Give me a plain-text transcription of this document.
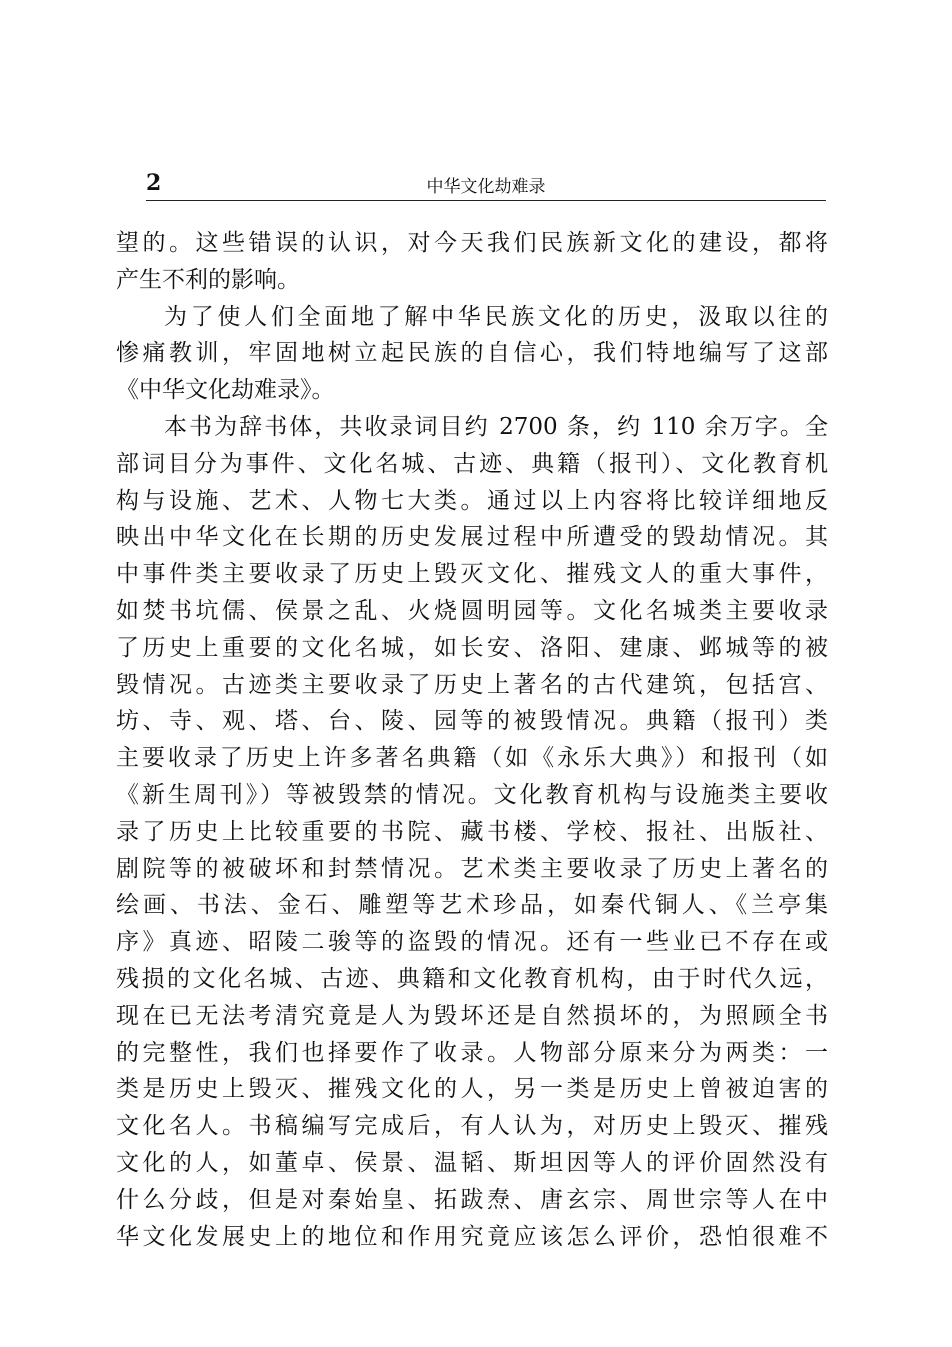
2	中华文化劫难录
望的。这些错误的认识，对今天我们民族新文化的建设，都将
产生不利的影响。
为了使人们全面地了解中华民族文化的历史，汲取以往的
惨痛教训，牢固地树立起民族的自信心，我们特地编写了这部
《中华文化劫难录》。
本书为辞书体，共收录词目约 2700 条，约 110 余万字。全
部词目分为事件、文化名城、古迹、典籍（报刊）、文化教育机
构与设施、艺术、人物七大类。通过以上内容将比较详细地反
映出中华文化在长期的历史发展过程中所遭受的毁劫情况。其
中事件类主要收录了历史上毁灭文化、摧残文人的重大事件，
如焚书坑儒、侯景之乱、火烧圆明园等。文化名城类主要收录
了历史上重要的文化名城，如长安、洛阳、建康、邺城等的被
毁情况。古迹类主要收录了历史上著名的古代建筑，包括宫、
坊、寺、观、塔、台、陵、园等的被毁情况。典籍（报刊）类
主要收录了历史上许多著名典籍（如《永乐大典》）和报刊（如
《新生周刊》）等被毁禁的情况。文化教育机构与设施类主要收
录了历史上比较重要的书院、藏书楼、学校、报社、出版社、
剧院等的被破坏和封禁情况。艺术类主要收录了历史上著名的
绘画、书法、金石、雕塑等艺术珍品，如秦代铜人、《兰亭集
序》真迹、昭陵二骏等的盗毁的情况。还有一些业已不存在或
残损的文化名城、古迹、典籍和文化教育机构，由于时代久远，
现在已无法考清究竟是人为毁坏还是自然损坏的，为照顾全书
的完整性，我们也择要作了收录。人物部分原来分为两类：一
类是历史上毁灭、摧残文化的人，另一类是历史上曾被迫害的
文化名人。书稿编写完成后，有人认为，对历史上毁灭、摧残
文化的人，如董卓、侯景、温韬、斯坦因等人的评价固然没有
什么分歧，但是对秦始皇、拓跋焘、唐玄宗、周世宗等人在中
华文化发展史上的地位和作用究竟应该怎么评价，恐怕很难不
